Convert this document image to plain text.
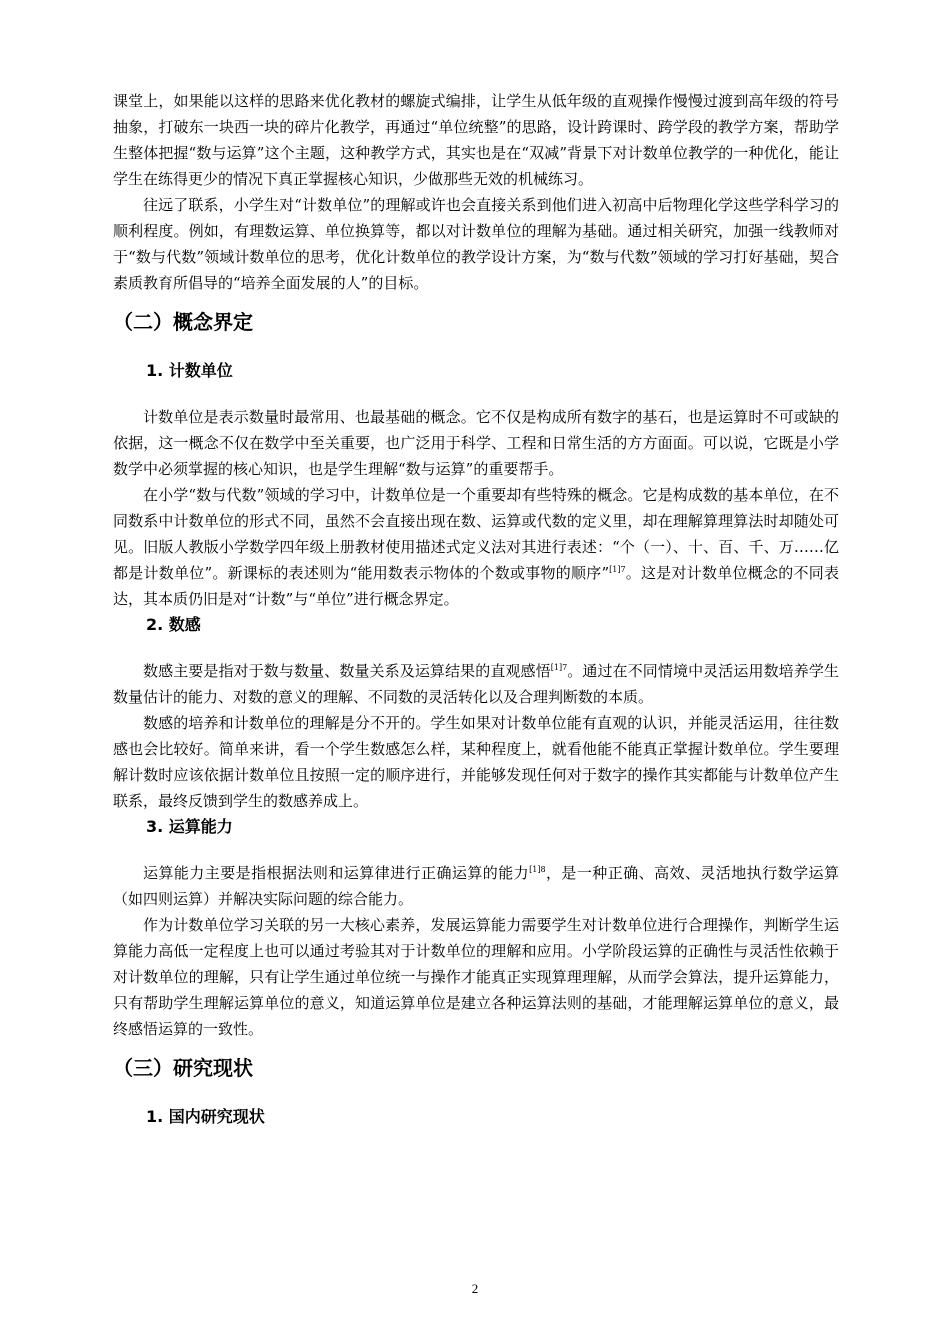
课堂上，如果能以这样的思路来优化教材的螺旋式编排，让学生从低年级的直观操作慢慢过渡到高年级的符号抽象，打破东一块西一块的碎片化教学，再通过“单位统整”的思路，设计跨课时、跨学段的教学方案，帮助学生整体把握“数与运算”这个主题，这种教学方式，其实也是在“双减”背景下对计数单位教学的一种优化，能让学生在练得更少的情况下真正掌握核心知识，少做那些无效的机械练习。

往远了联系，小学生对“计数单位”的理解或许也会直接关系到他们进入初高中后物理化学这些学科学习的顺利程度。例如，有理数运算、单位换算等，都以对计数单位的理解为基础。通过相关研究，加强一线教师对于“数与代数”领域计数单位的思考，优化计数单位的教学设计方案，为“数与代数”领域的学习打好基础，契合素质教育所倡导的“培养全面发展的人”的目标。

（二）概念界定
1. 计数单位

计数单位是表示数量时最常用、也最基础的概念。它不仅是构成所有数字的基石，也是运算时不可或缺的依据，这一概念不仅在数学中至关重要，也广泛用于科学、工程和日常生活的方方面面。可以说，它既是小学数学中必须掌握的核心知识，也是学生理解“数与运算”的重要帮手。

在小学“数与代数”领域的学习中，计数单位是一个重要却有些特殊的概念。它是构成数的基本单位，在不同数系中计数单位的形式不同，虽然不会直接出现在数、运算或代数的定义里，却在理解算理算法时却随处可见。旧版人教版小学数学四年级上册教材使用描述式定义法对其进行表述：“个（一）、十、百、千、万……亿都是计数单位”。新课标的表述则为“能用数表示物体的个数或事物的顺序”$^{[1]7}$。这是对计数单位概念的不同表达，其本质仍旧是对“计数”与“单位”进行概念界定。

2. 数感

数感主要是指对于数与数量、数量关系及运算结果的直观感悟$^{[1]7}$。通过在不同情境中灵活运用数培养学生数量估计的能力、对数的意义的理解、不同数的灵活转化以及合理判断数的本质。

数感的培养和计数单位的理解是分不开的。学生如果对计数单位能有直观的认识，并能灵活运用，往往数感也会比较好。简单来讲，看一个学生数感怎么样，某种程度上，就看他能不能真正掌握计数单位。学生要理解计数时应该依据计数单位且按照一定的顺序进行，并能够发现任何对于数字的操作其实都能与计数单位产生联系，最终反馈到学生的数感养成上。

3. 运算能力

运算能力主要是指根据法则和运算律进行正确运算的能力$^{[1]8}$，是一种正确、高效、灵活地执行数学运算（如四则运算）并解决实际问题的综合能力。

作为计数单位学习关联的另一大核心素养，发展运算能力需要学生对计数单位进行合理操作，判断学生运算能力高低一定程度上也可以通过考验其对于计数单位的理解和应用。小学阶段运算的正确性与灵活性依赖于对计数单位的理解，只有让学生通过单位统一与操作才能真正实现算理理解，从而学会算法，提升运算能力，只有帮助学生理解运算单位的意义，知道运算单位是建立各种运算法则的基础，才能理解运算单位的意义，最终感悟运算的一致性。

（三）研究现状
1. 国内研究现状
2
